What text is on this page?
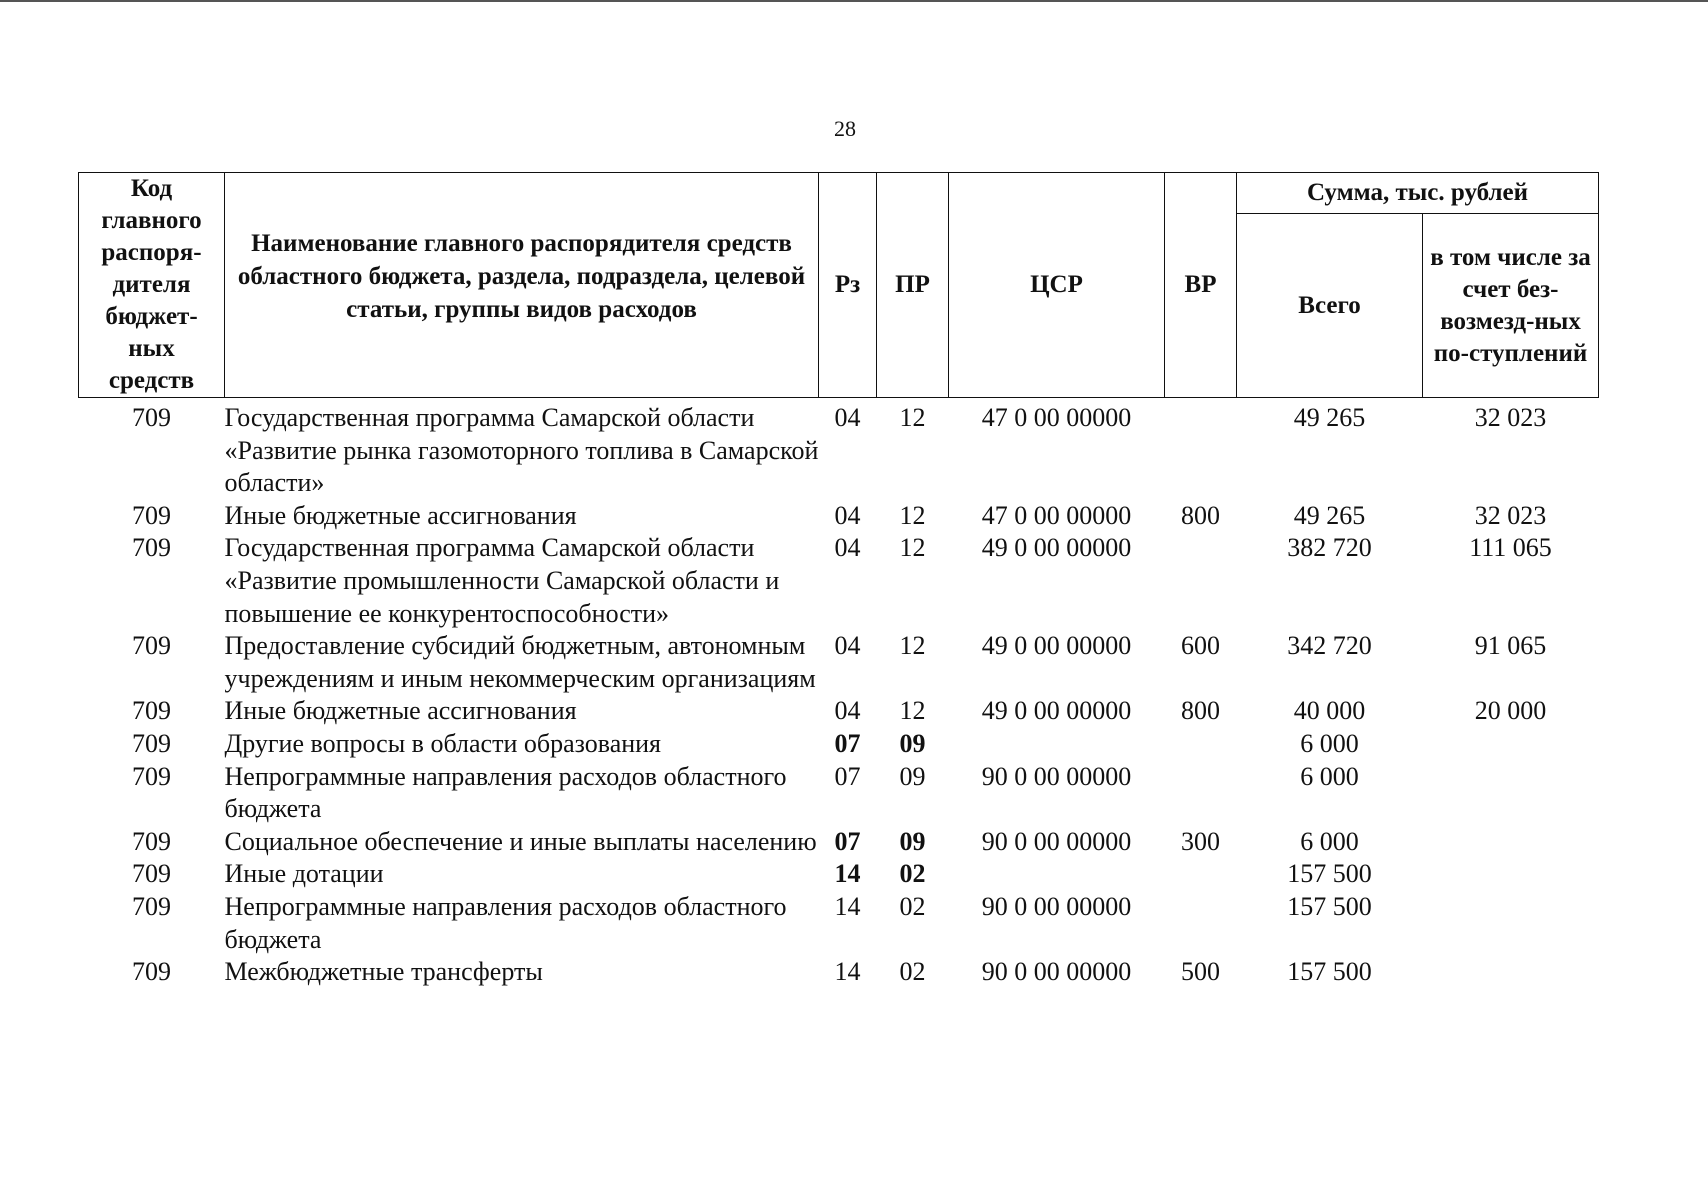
28
Код главного распоря-дителя бюджет-ных средств	Наименование главного распорядителя средств областного бюджета, раздела, подраздела, целевой статьи, группы видов расходов	Рз	ПР	ЦСР	ВР	Сумма, тыс. рублей	
						Всего	в том числе за счет без-возмезд-ных по-ступлений
709	Государственная программа Самарской области «Развитие рынка газомоторного топлива в Самарской области»	04	12	47 0 00 00000		49 265	32 023
709	Иные бюджетные ассигнования	04	12	47 0 00 00000	800	49 265	32 023
709	Государственная программа Самарской области «Развитие промышленности Самарской области и повышение ее конкурентоспособности»	04	12	49 0 00 00000		382 720	111 065
709	Предоставление субсидий бюджетным, автономным учреждениям и иным некоммерческим организациям	04	12	49 0 00 00000	600	342 720	91 065
709	Иные бюджетные ассигнования	04	12	49 0 00 00000	800	40 000	20 000
709	Другие вопросы в области образования	07	09			6 000	
709	Непрограммные направления расходов областного бюджета	07	09	90 0 00 00000		6 000	
709	Социальное обеспечение и иные выплаты населению	07	09	90 0 00 00000	300	6 000	
709	Иные дотации	14	02			157 500	
709	Непрограммные направления расходов областного бюджета	14	02	90 0 00 00000		157 500	
709	Межбюджетные трансферты	14	02	90 0 00 00000	500	157 500	
